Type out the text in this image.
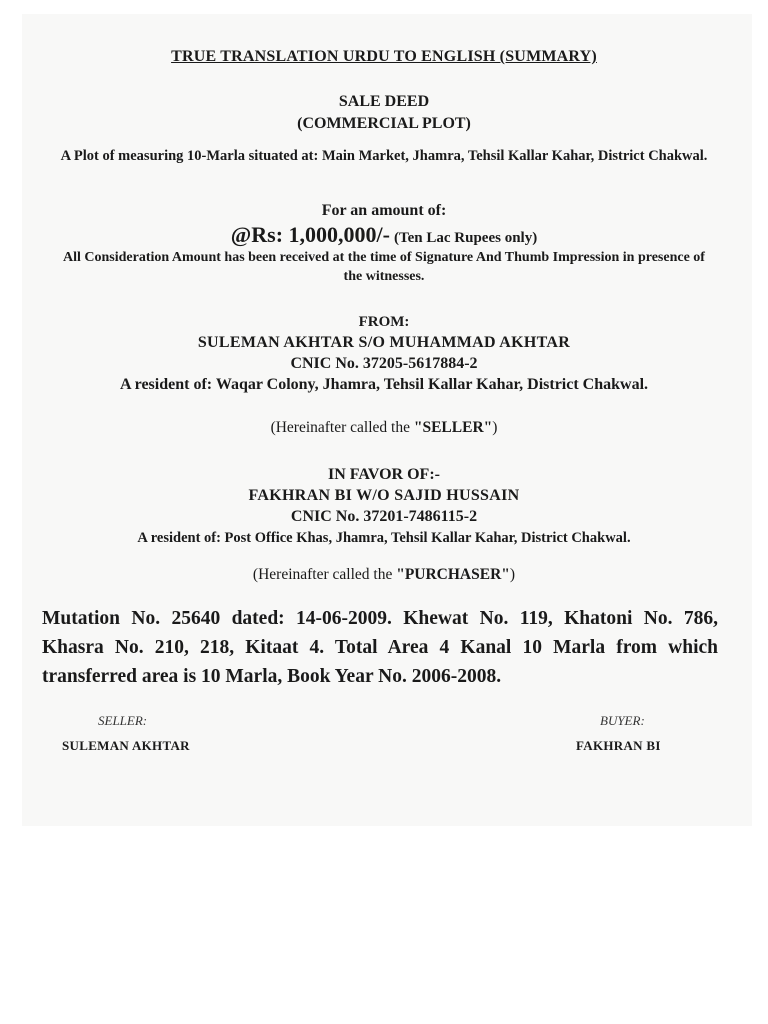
TRUE TRANSLATION URDU TO ENGLISH (SUMMARY)
SALE DEED
(COMMERCIAL PLOT)
A Plot of measuring 10-Marla situated at: Main Market, Jhamra, Tehsil Kallar Kahar, District Chakwal.
For an amount of:
@Rs: 1,000,000/- (Ten Lac Rupees only)
All Consideration Amount has been received at the time of Signature And Thumb Impression in presence of the witnesses.
FROM:
SULEMAN AKHTAR S/O MUHAMMAD AKHTAR
CNIC No. 37205-5617884-2
A resident of: Waqar Colony, Jhamra, Tehsil Kallar Kahar, District Chakwal.
(Hereinafter called the "SELLER")
IN FAVOR OF:-
FAKHRAN BI W/O SAJID HUSSAIN
CNIC No. 37201-7486115-2
A resident of: Post Office Khas, Jhamra, Tehsil Kallar Kahar, District Chakwal.
(Hereinafter called the "PURCHASER")
Mutation No. 25640 dated: 14-06-2009. Khewat No. 119, Khatoni No. 786, Khasra No. 210, 218, Kitaat 4. Total Area 4 Kanal 10 Marla from which transferred area is 10 Marla, Book Year No. 2006-2008.
SELLER:	BUYER:
SULEMAN AKHTAR	FAKHRAN BI
